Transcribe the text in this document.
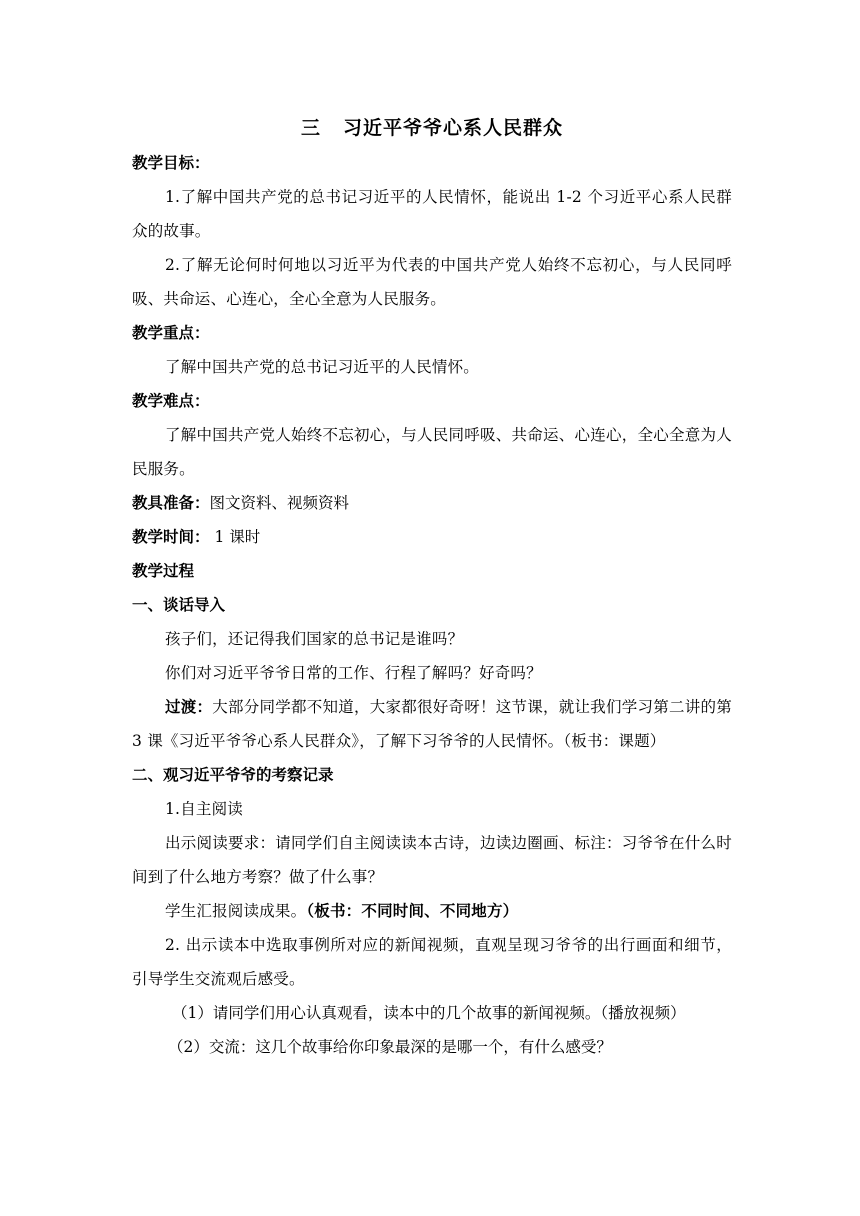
三 习近平爷爷心系人民群众
教学目标：
1.了解中国共产党的总书记习近平的人民情怀，能说出 1-2 个习近平心系人民群众的故事。
2.了解无论何时何地以习近平为代表的中国共产党人始终不忘初心，与人民同呼吸、共命运、心连心，全心全意为人民服务。
教学重点：
了解中国共产党的总书记习近平的人民情怀。
教学难点：
了解中国共产党人始终不忘初心，与人民同呼吸、共命运、心连心，全心全意为人民服务。
教具准备：图文资料、视频资料
教学时间： 1 课时
教学过程
一、谈话导入
孩子们，还记得我们国家的总书记是谁吗？
你们对习近平爷爷日常的工作、行程了解吗？好奇吗？
过渡：大部分同学都不知道，大家都很好奇呀！这节课，就让我们学习第二讲的第 3 课《习近平爷爷心系人民群众》，了解下习爷爷的人民情怀。（板书：课题）
二、观习近平爷爷的考察记录
1.自主阅读
出示阅读要求：请同学们自主阅读读本古诗，边读边圈画、标注：习爷爷在什么时间到了什么地方考察？做了什么事？
学生汇报阅读成果。（板书：不同时间、不同地方）
2. 出示读本中选取事例所对应的新闻视频，直观呈现习爷爷的出行画面和细节，引导学生交流观后感受。
（1）请同学们用心认真观看，读本中的几个故事的新闻视频。（播放视频）
（2）交流：这几个故事给你印象最深的是哪一个，有什么感受？
